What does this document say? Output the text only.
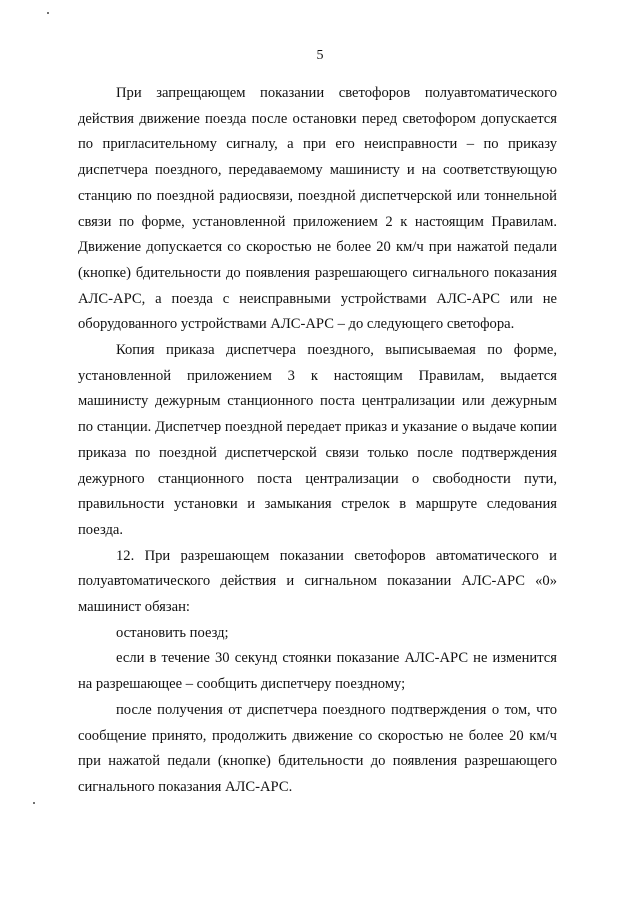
5

При запрещающем показании светофоров полуавтоматического действия движение поезда после остановки перед светофором допускается по пригласительному сигналу, а при его неисправности – по приказу диспетчера поездного, передаваемому машинисту и на соответствующую станцию по поездной радиосвязи, поездной диспетчерской или тоннельной связи по форме, установленной приложением 2 к настоящим Правилам. Движение допускается со скоростью не более 20 км/ч при нажатой педали (кнопке) бдительности до появления разрешающего сигнального показания АЛС-АРС, а поезда с неисправными устройствами АЛС-АРС или не оборудованного устройствами АЛС-АРС – до следующего светофора.

Копия приказа диспетчера поездного, выписываемая по форме, установленной приложением 3 к настоящим Правилам, выдается машинисту дежурным станционного поста централизации или дежурным по станции. Диспетчер поездной передает приказ и указание о выдаче копии приказа по поездной диспетчерской связи только после подтверждения дежурного станционного поста централизации о свободности пути, правильности установки и замыкания стрелок в маршруте следования поезда.

12. При разрешающем показании светофоров автоматического и полуавтоматического действия и сигнальном показании АЛС-АРС «0» машинист обязан:

остановить поезд;

если в течение 30 секунд стоянки показание АЛС-АРС не изменится на разрешающее – сообщить диспетчеру поездному;

после получения от диспетчера поездного подтверждения о том, что сообщение принято, продолжить движение со скоростью не более 20 км/ч при нажатой педали (кнопке) бдительности до появления разрешающего сигнального показания АЛС-АРС.
